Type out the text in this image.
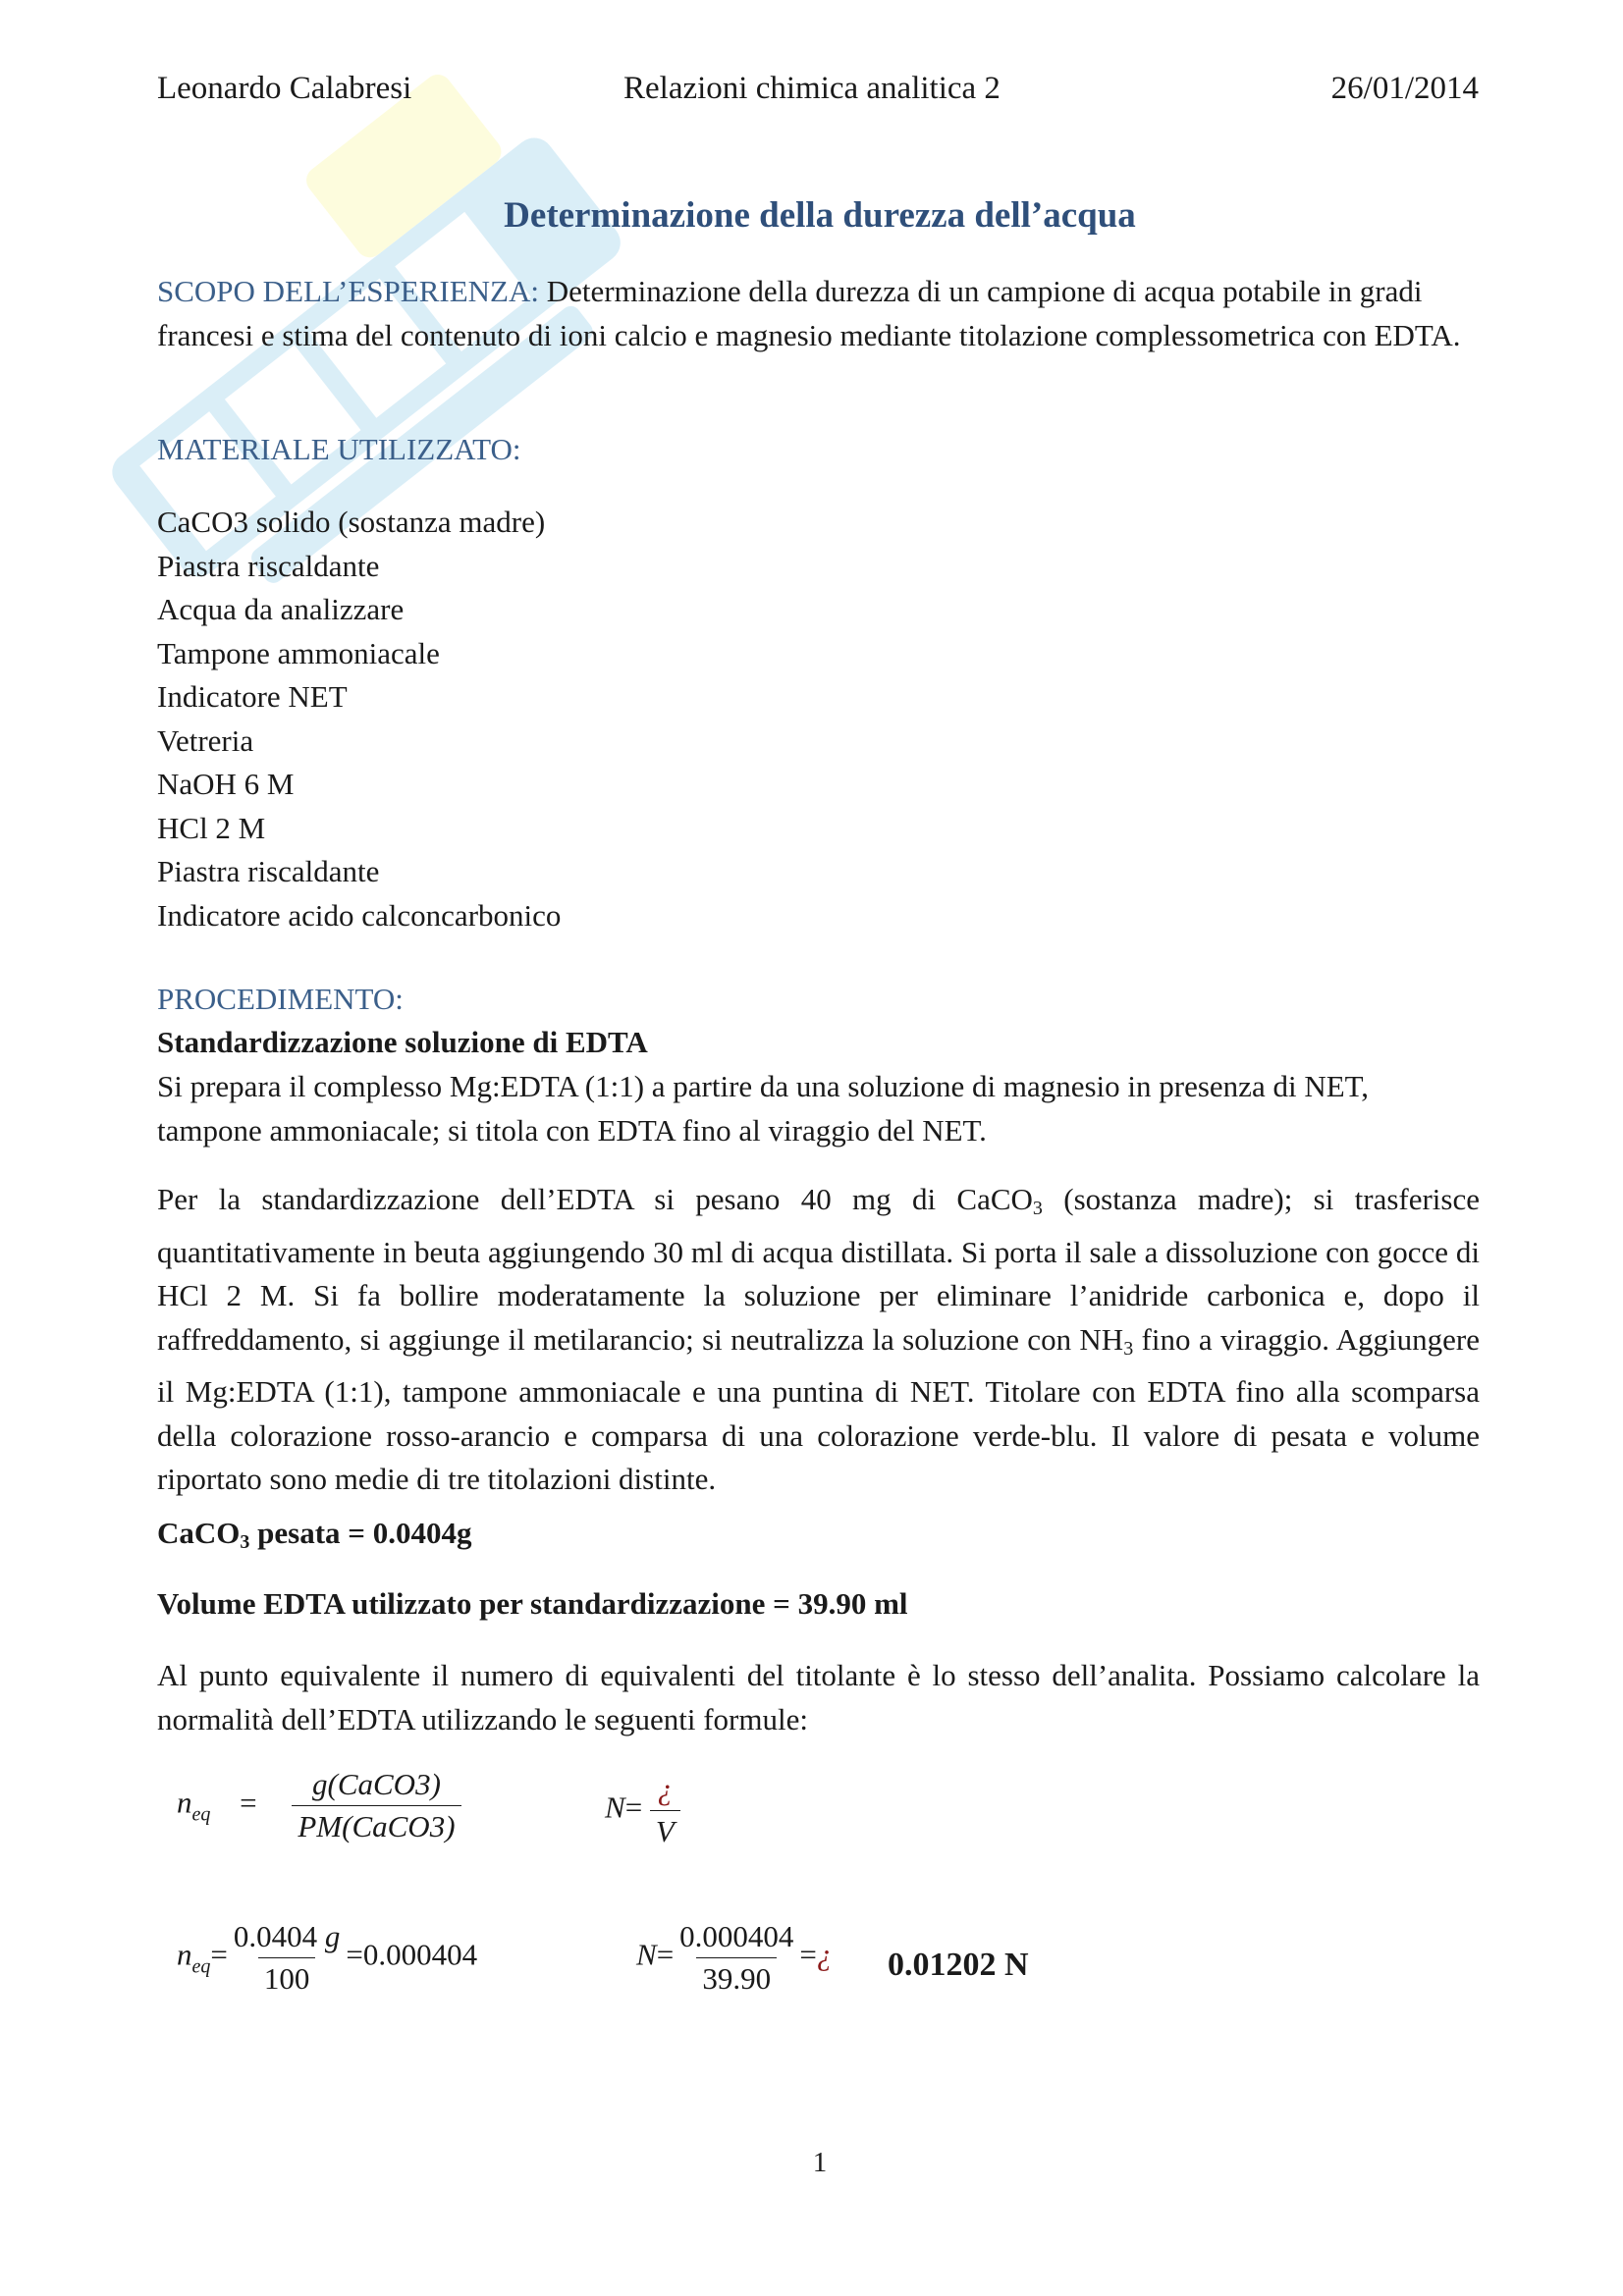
Leonardo Calabresi	Relazioni chimica analitica 2	26/01/2014
Determinazione della durezza dell’acqua
SCOPO DELL’ESPERIENZA: Determinazione della durezza di un campione di acqua potabile in gradi francesi e stima del contenuto di ioni calcio e magnesio mediante titolazione complessometrica con EDTA.
MATERIALE UTILIZZATO:
CaCO3 solido (sostanza madre)
Piastra riscaldante
Acqua da analizzare
Tampone ammoniacale
Indicatore NET
Vetreria
NaOH 6 M
HCl 2 M
Piastra riscaldante
Indicatore acido calconcarbonico
PROCEDIMENTO:
Standardizzazione soluzione di EDTA
Si prepara il complesso Mg:EDTA (1:1) a partire da una soluzione di magnesio in presenza di NET, tampone ammoniacale; si titola con EDTA fino al viraggio del NET.
Per la standardizzazione dell’EDTA si pesano 40 mg di CaCO$_3$ (sostanza madre); si trasferisce quantitativamente in beuta aggiungendo 30 ml di acqua distillata. Si porta il sale a dissoluzione con gocce di HCl 2 M. Si fa bollire moderatamente la soluzione per eliminare l’anidride carbonica e, dopo il raffreddamento, si aggiunge il metilarancio; si neutralizza la soluzione con $NH_3$ fino a viraggio. Aggiungere il Mg:EDTA (1:1), tampone ammoniacale e una puntina di NET. Titolare con EDTA fino alla scomparsa della colorazione rosso-arancio e comparsa di una colorazione verde-blu. Il valore di pesata e volume riportato sono medie di tre titolazioni distinte.
CaCO$_3$ pesata = 0.0404g
Volume EDTA utilizzato per standardizzazione = 39.90 ml
Al punto equivalente il numero di equivalenti del titolante è lo stesso dell’analita. Possiamo calcolare la normalità dell’EDTA utilizzando le seguenti formule:
$n_{eq} = \frac{\text{g(CaCO3)}}{\text{PM(CaCO3)}}$	$N= \frac{¿}{V}$
$n_{eq}= \frac{0.0404 g}{100} =0.000404$	$N= \frac{0.000404}{39.90}$ =¿ 0.01202 N
1
